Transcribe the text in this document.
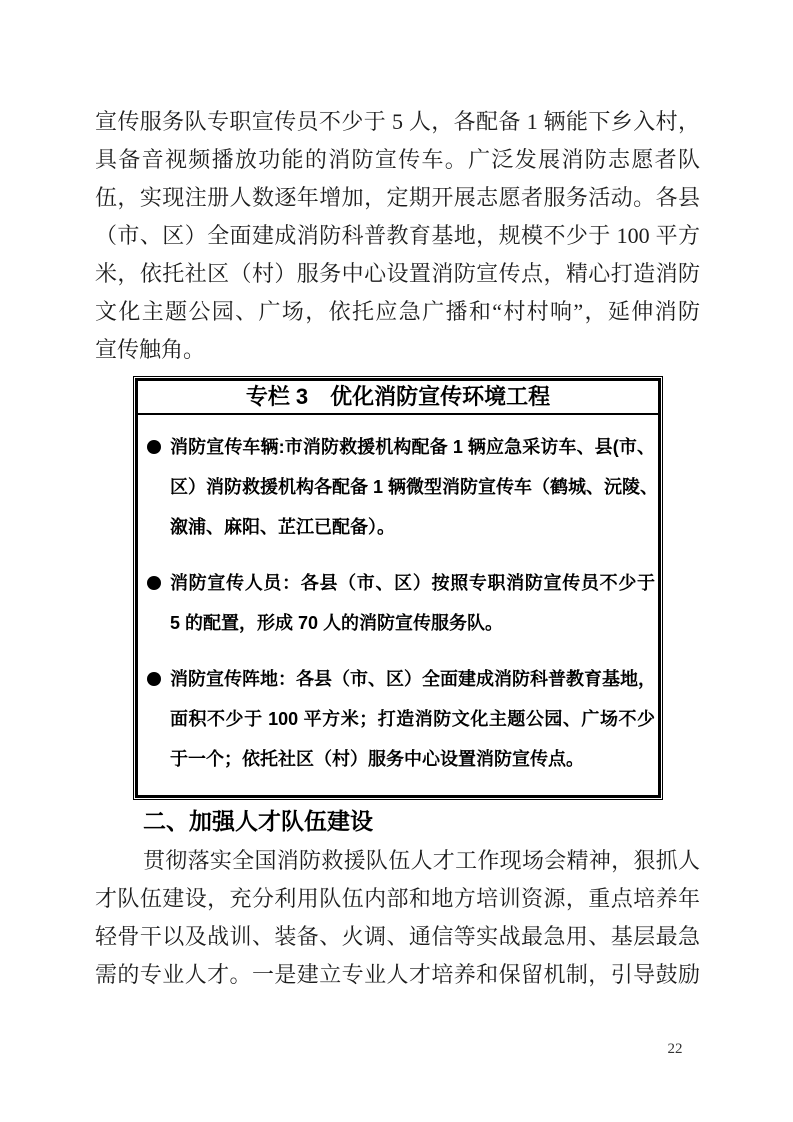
宣传服务队专职宣传员不少于 5 人，各配备 1 辆能下乡入村，
具备音视频播放功能的消防宣传车。广泛发展消防志愿者队
伍，实现注册人数逐年增加，定期开展志愿者服务活动。各县
（市、区）全面建成消防科普教育基地，规模不少于 100 平方
米，依托社区（村）服务中心设置消防宣传点，精心打造消防
文化主题公园、广场，依托应急广播和“村村响”，延伸消防
宣传触角。
专栏 3　优化消防宣传环境工程
消防宣传车辆:市消防救援机构配备 1 辆应急采访车、县(市、
区）消防救援机构各配备 1 辆微型消防宣传车（鹤城、沅陵、
溆浦、麻阳、芷江已配备）。
消防宣传人员：各县（市、区）按照专职消防宣传员不少于
5 的配置，形成 70 人的消防宣传服务队。
消防宣传阵地：各县（市、区）全面建成消防科普教育基地，
面积不少于 100 平方米；打造消防文化主题公园、广场不少
于一个；依托社区（村）服务中心设置消防宣传点。
二、加强人才队伍建设
贯彻落实全国消防救援队伍人才工作现场会精神，狠抓人
才队伍建设，充分利用队伍内部和地方培训资源，重点培养年
轻骨干以及战训、装备、火调、通信等实战最急用、基层最急
需的专业人才。一是建立专业人才培养和保留机制，引导鼓励
22
